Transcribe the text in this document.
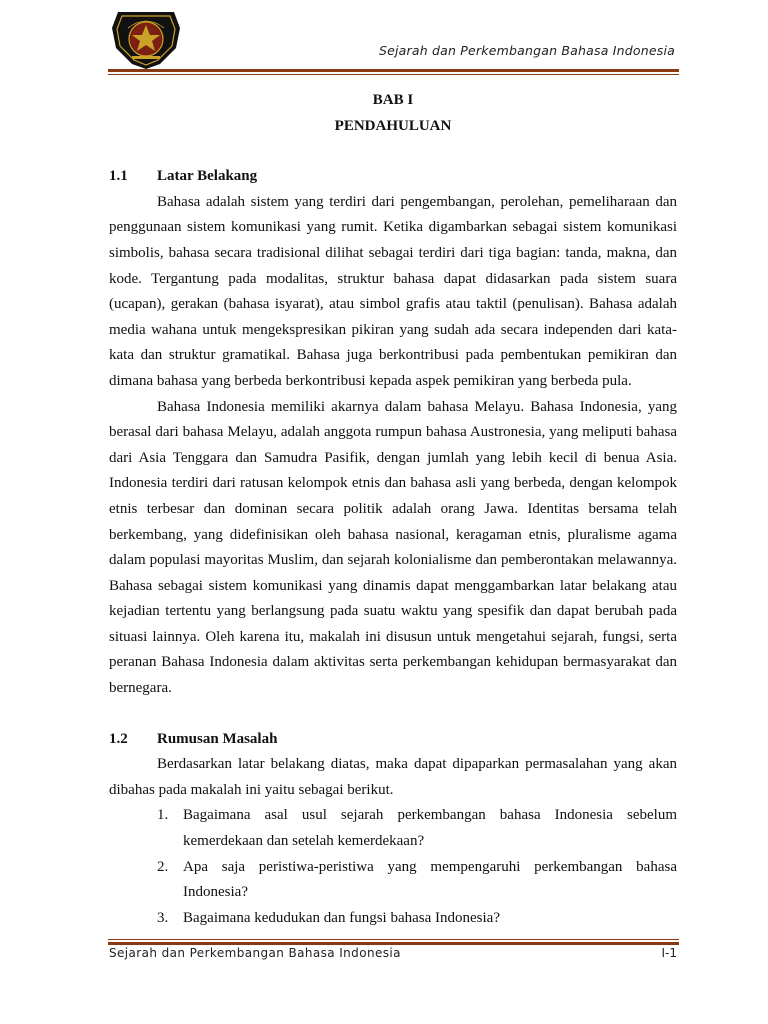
Sejarah dan Perkembangan Bahasa Indonesia

BAB I

PENDAHULUAN

1.1	Latar Belakang

Bahasa adalah sistem yang terdiri dari pengembangan, perolehan, pemeliharaan dan penggunaan sistem komunikasi yang rumit. Ketika digambarkan sebagai sistem komunikasi simbolis, bahasa secara tradisional dilihat sebagai terdiri dari tiga bagian: tanda, makna, dan kode. Tergantung pada modalitas, struktur bahasa dapat didasarkan pada sistem suara (ucapan), gerakan (bahasa isyarat), atau simbol grafis atau taktil (penulisan). Bahasa adalah media wahana untuk mengekspresikan pikiran yang sudah ada secara independen dari kata-kata dan struktur gramatikal. Bahasa juga berkontribusi pada pembentukan pemikiran dan dimana bahasa yang berbeda berkontribusi kepada aspek pemikiran yang berbeda pula.

Bahasa Indonesia memiliki akarnya dalam bahasa Melayu. Bahasa Indonesia, yang berasal dari bahasa Melayu, adalah anggota rumpun bahasa Austronesia, yang meliputi bahasa dari Asia Tenggara dan Samudra Pasifik, dengan jumlah yang lebih kecil di benua Asia. Indonesia terdiri dari ratusan kelompok etnis dan bahasa asli yang berbeda, dengan kelompok etnis terbesar dan dominan secara politik adalah orang Jawa. Identitas bersama telah berkembang, yang didefinisikan oleh bahasa nasional, keragaman etnis, pluralisme agama dalam populasi mayoritas Muslim, dan sejarah kolonialisme dan pemberontakan melawannya. Bahasa sebagai sistem komunikasi yang dinamis dapat menggambarkan latar belakang atau kejadian tertentu yang berlangsung pada suatu waktu yang spesifik dan dapat berubah pada situasi lainnya. Oleh karena itu, makalah ini disusun untuk mengetahui sejarah, fungsi, serta peranan Bahasa Indonesia dalam aktivitas serta perkembangan kehidupan bermasyarakat dan bernegara.

1.2	Rumusan Masalah

Berdasarkan latar belakang diatas, maka dapat dipaparkan permasalahan yang akan dibahas pada makalah ini yaitu sebagai berikut.

1. Bagaimana asal usul sejarah perkembangan bahasa Indonesia sebelum kemerdekaan dan setelah kemerdekaan?
2. Apa saja peristiwa-peristiwa yang mempengaruhi perkembangan bahasa Indonesia?
3. Bagaimana kedudukan dan fungsi bahasa Indonesia?
Sejarah dan Perkembangan Bahasa Indonesia	I-1
